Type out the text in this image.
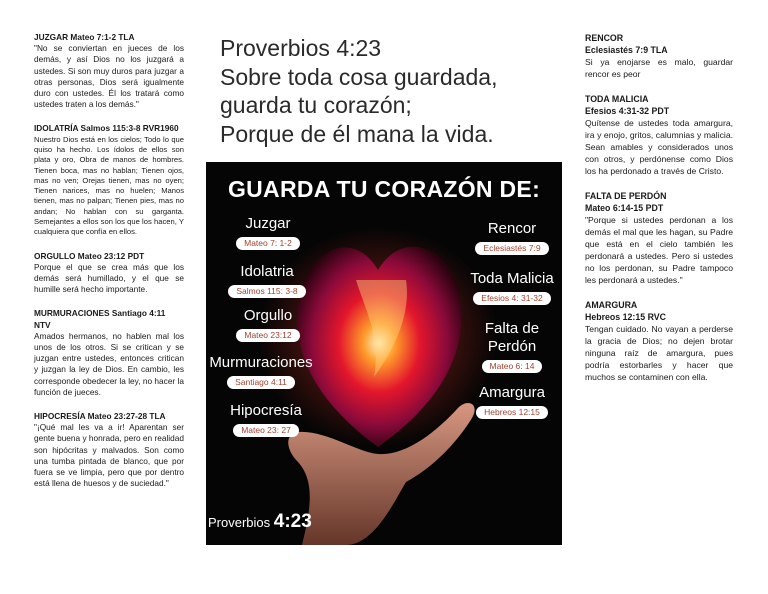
JUZGAR Mateo 7:1-2 TLA
"No se conviertan en jueces de los demás, y así Dios no los juzgará a ustedes. Si son muy duros para juzgar a otras personas, Dios será igualmente duro con ustedes. Él los tratará como ustedes traten a los demás."
IDOLATRÍA Salmos 115:3-8 RVR1960
Nuestro Dios está en los cielos; Todo lo que quiso ha hecho. Los ídolos de ellos son plata y oro, Obra de manos de hombres. Tienen boca, mas no hablan; Tienen ojos, mas no ven; Orejas tienen, mas no oyen; Tienen narices, mas no huelen; Manos tienen, mas no palpan; Tienen pies, mas no andan; No hablan con su garganta. Semejantes a ellos son los que los hacen, Y cualquiera que confía en ellos.
ORGULLO Mateo 23:12 PDT
Porque el que se crea más que los demás será humillado, y el que se humille será hecho importante.
MURMURACIONES Santiago 4:11 NTV
Amados hermanos, no hablen mal los unos de los otros. Si se critican y se juzgan entre ustedes, entonces critican y juzgan la ley de Dios. En cambio, les corresponde obedecer la ley, no hacer la función de jueces.
HIPOCRESÍA Mateo 23:27-28 TLA
"¡Qué mal les va a ir! Aparentan ser gente buena y honrada, pero en realidad son hipócritas y malvados. Son como una tumba pintada de blanco, que por fuera se ve limpia, pero que por dentro está llena de huesos y de suciedad."
Proverbios 4:23
Sobre toda cosa guardada,
guarda tu corazón;
Porque de él mana la vida.
GUARDA TU CORAZÓN DE:
Juzgar
Mateo 7: 1-2
Idolatria
Salmos 115: 3-8
Orgullo
Mateo 23:12
Murmuraciones
Santiago 4:11
Hipocresía
Mateo 23: 27
Rencor
Eclesiastés 7:9
Toda Malicia
Efesios 4: 31-32
Falta de Perdón
Mateo 6: 14
Amargura
Hebreos 12:15
Proverbios 4:23
RENCOR
Eclesiastés 7:9 TLA
Si ya enojarse es malo, guardar rencor es peor
TODA MALICIA
Efesios 4:31-32 PDT
Quítense de ustedes toda amargura, ira y enojo, gritos, calumnias y malicia. Sean amables y considerados unos con otros, y perdónense como Dios los ha perdonado a través de Cristo.
FALTA DE PERDÓN
Mateo 6:14-15 PDT
"Porque si ustedes perdonan a los demás el mal que les hagan, su Padre que está en el cielo también les perdonará a ustedes. Pero si ustedes no los perdonan, su Padre tampoco les perdonará a ustedes."
AMARGURA
Hebreos 12:15 RVC
Tengan cuidado. No vayan a perderse la gracia de Dios; no dejen brotar ninguna raíz de amargura, pues podría estorbarles y hacer que muchos se contaminen con ella.
